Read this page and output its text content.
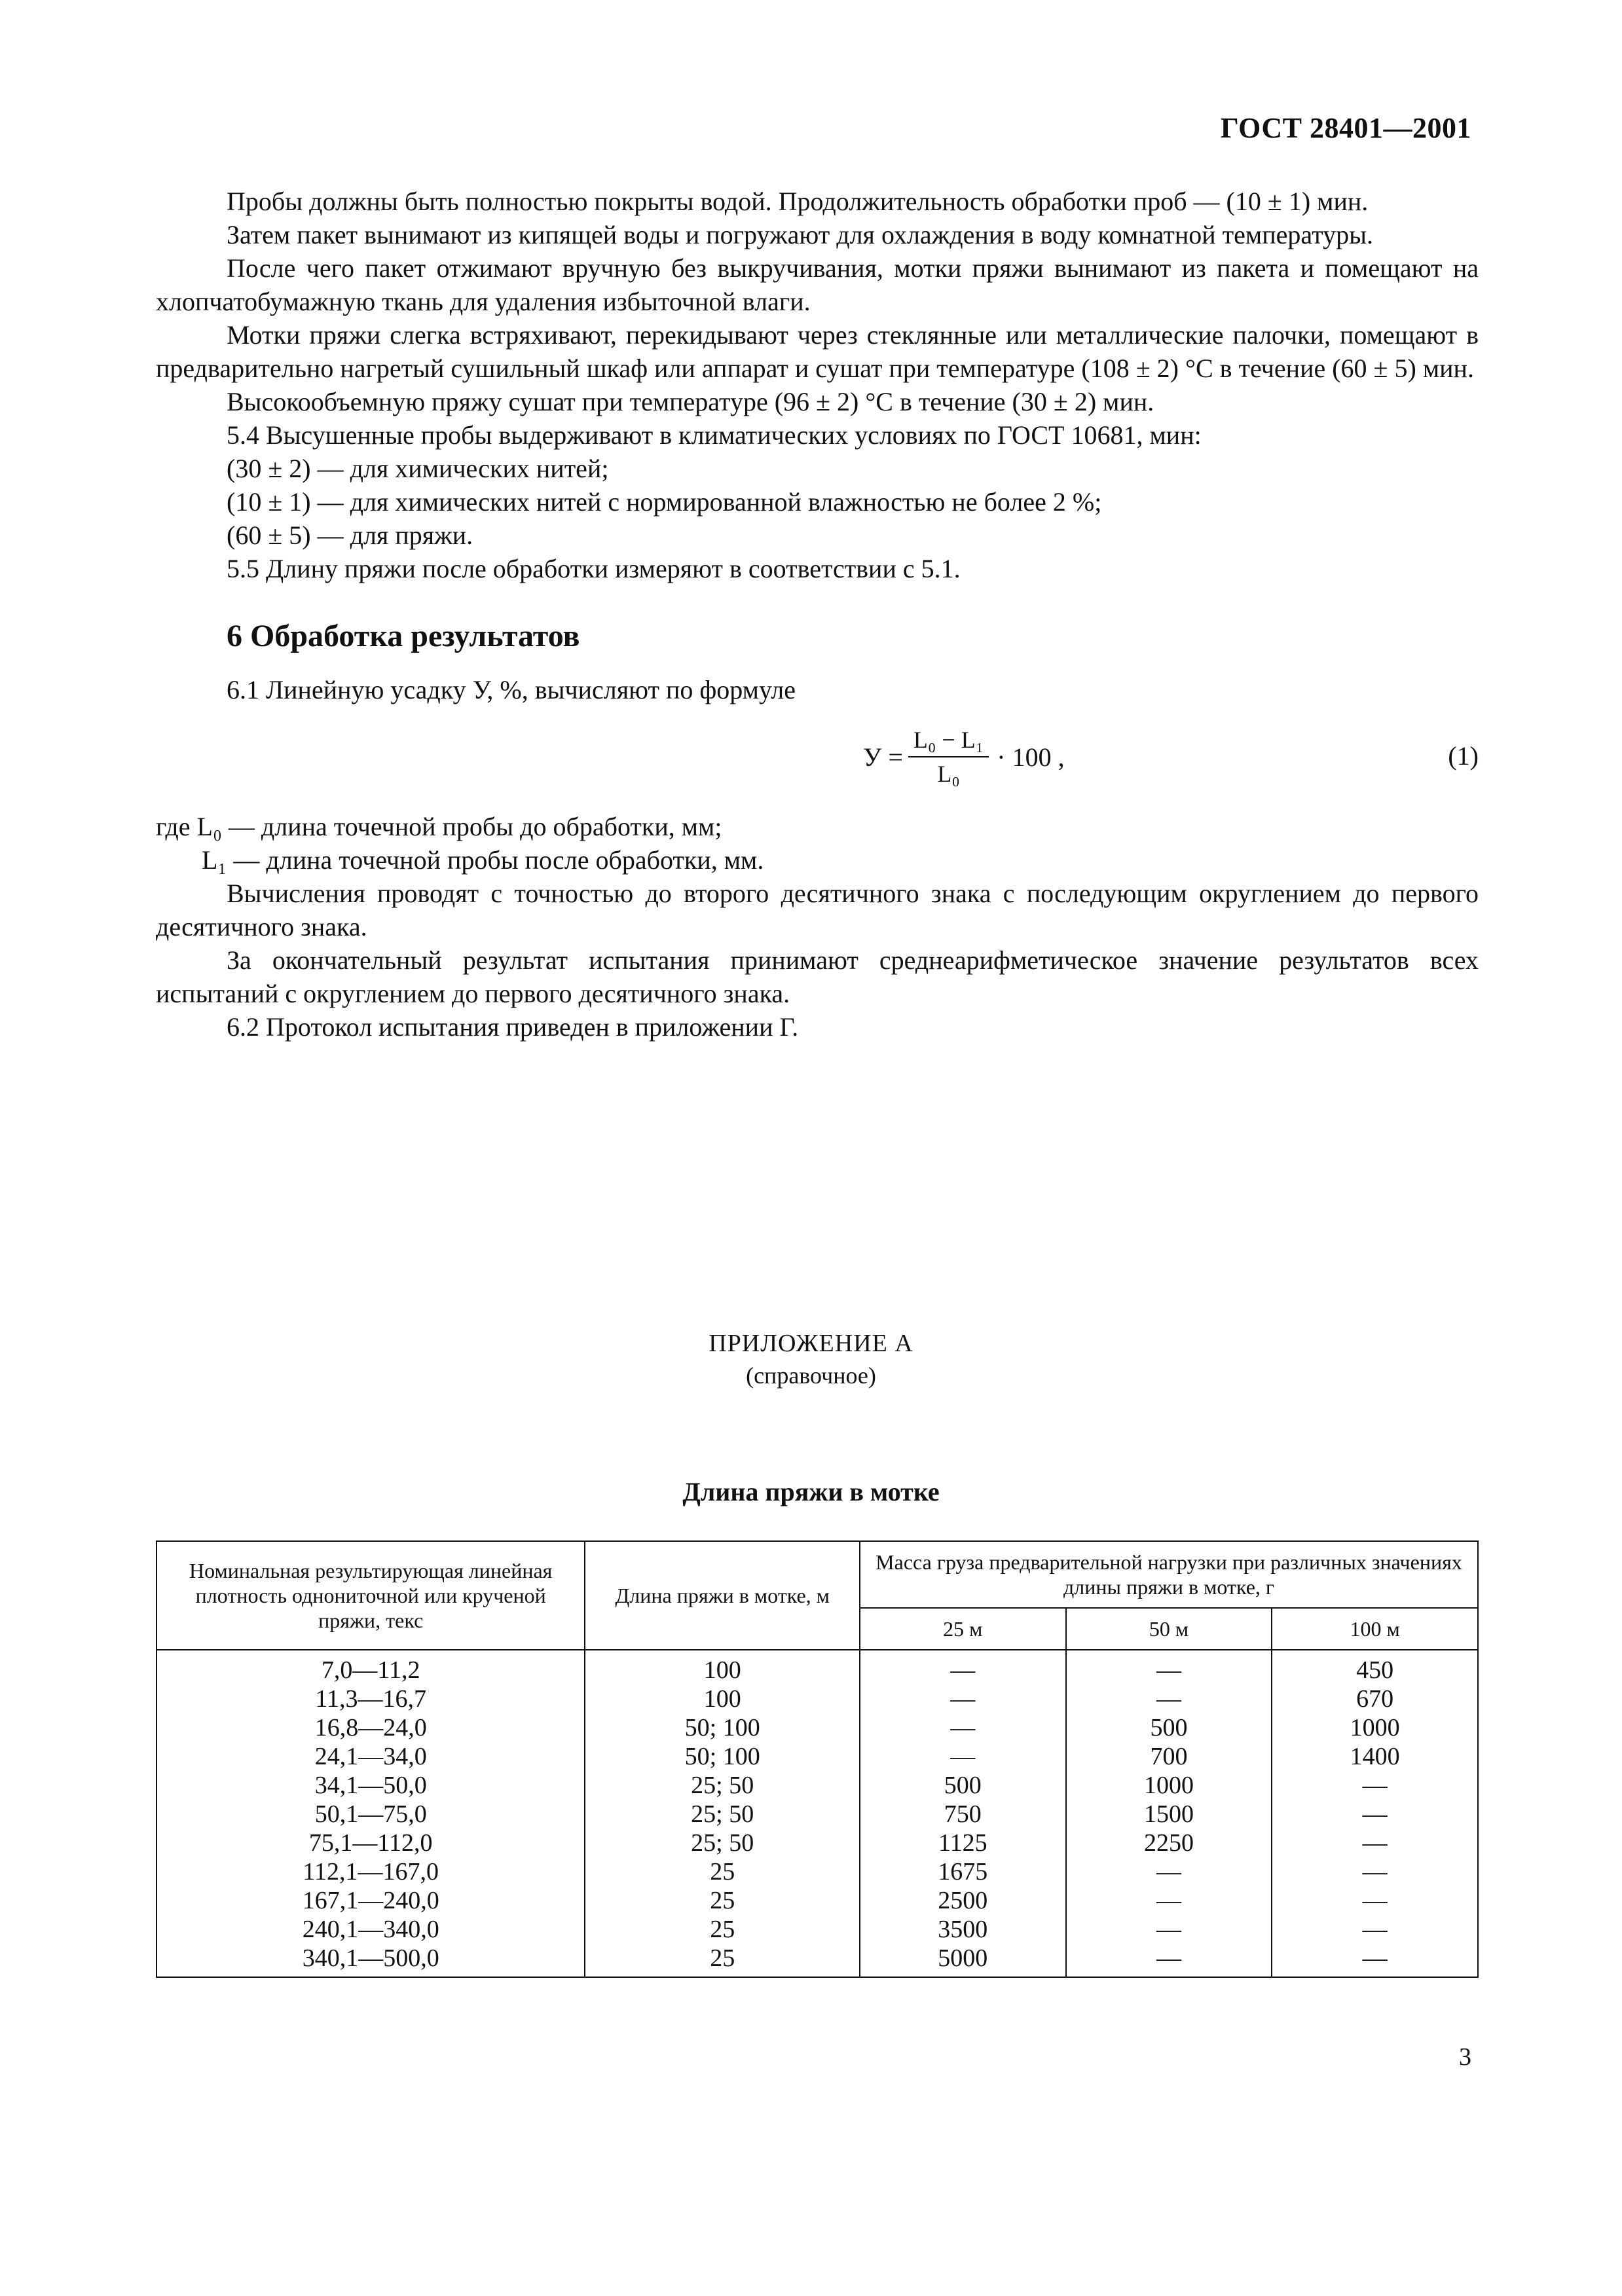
ГОСТ 28401—2001

Пробы должны быть полностью покрыты водой. Продолжительность обработки проб — (10 ± 1) мин.

Затем пакет вынимают из кипящей воды и погружают для охлаждения в воду комнатной температуры.

После чего пакет отжимают вручную без выкручивания, мотки пряжи вынимают из пакета и помещают на хлопчатобумажную ткань для удаления избыточной влаги.

Мотки пряжи слегка встряхивают, перекидывают через стеклянные или металлические палочки, помещают в предварительно нагретый сушильный шкаф или аппарат и сушат при температуре (108 ± 2) °С в течение (60 ± 5) мин.

Высокообъемную пряжу сушат при температуре (96 ± 2) °С в течение (30 ± 2) мин.

5.4 Высушенные пробы выдерживают в климатических условиях по ГОСТ 10681, мин:

(30 ± 2) — для химических нитей;

(10 ± 1) — для химических нитей с нормированной влажностью не более 2 %;

(60 ± 5) — для пряжи.

5.5 Длину пряжи после обработки измеряют в соответствии с 5.1.

6 Обработка результатов

6.1 Линейную усадку У, %, вычисляют по формуле

$У = \frac{\text{L₀ − L₁}}{\text{L₀}} \cdot 100$ ,	(1)

где L₀ — длина точечной пробы до обработки, мм;

L₁ — длина точечной пробы после обработки, мм.

Вычисления проводят с точностью до второго десятичного знака с последующим округлением до первого десятичного знака.

За окончательный результат испытания принимают среднеарифметическое значение результатов всех испытаний с округлением до первого десятичного знака.

6.2 Протокол испытания приведен в приложении Г.

ПРИЛОЖЕНИЕ А
(справочное)
Длина пряжи в мотке
Номинальная результирующая линейная плотность однониточной или крученой пряжи, текс	Длина пряжи в мотке, м	Масса груза предварительной нагрузки при различных значениях длины пряжи в мотке, г		
		25 м	50 м	100 м
7,0—11,2	100	—	—	450
11,3—16,7	100	—	—	670
16,8—24,0	50; 100	—	500	1000
24,1—34,0	50; 100	—	700	1400
34,1—50,0	25; 50	500	1000	—
50,1—75,0	25; 50	750	1500	—
75,1—112,0	25; 50	1125	2250	—
112,1—167,0	25	1675	—	—
167,1—240,0	25	2500	—	—
240,1—340,0	25	3500	—	—
340,1—500,0	25	5000	—	—
3
